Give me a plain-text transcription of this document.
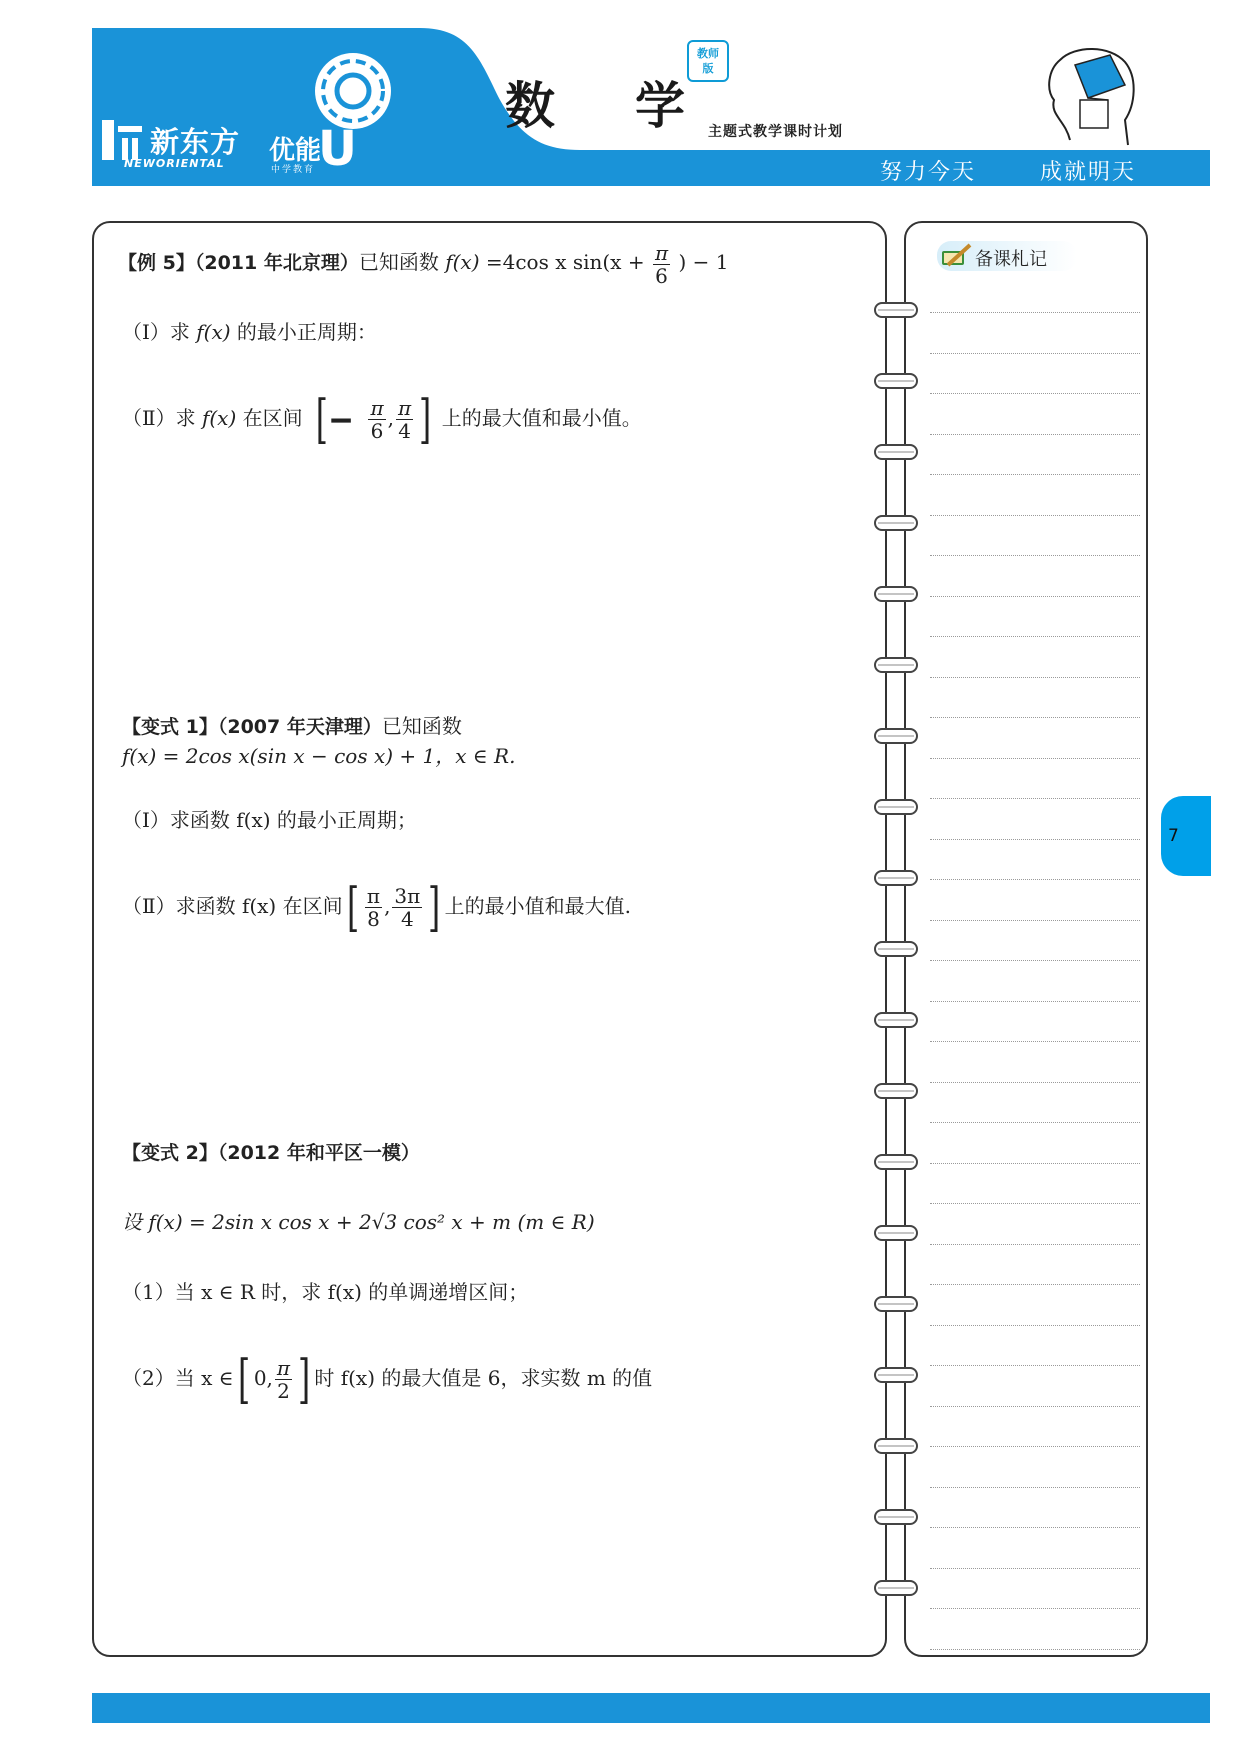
新东方
NEWORIENTAL 优能
中学教育 U
数学
教师
版
主题式教学课时计划
努力今天	成就明天
备课札记
7
【例 5】（2011 年北京理）已知函数 f(x) =4cos x $\sin(x + \frac{\pi}{6}$ ) − 1
（Ⅰ）求 f(x) 的最小正周期：
（Ⅱ）求 f(x) 在区间 [− $\frac{\pi}{6}$ , $\frac{\pi}{4}$ ] 上的最大值和最小值。
【变式 1】（2007 年天津理）已知函数
f(x) = 2cos x(sin x − cos x) + 1，x ∈ R.
（Ⅰ）求函数 f(x) 的最小正周期；
（Ⅱ）求函数 f(x) 在区间[ $\frac{\pi}{8}$ , $\frac{3\pi}{4}$ ] 上的最小值和最大值.
【变式 2】（2012 年和平区一模）
设 f(x) = 2sin x cos x + 2√3 cos² x + m (m ∈ R)
（1）当 x ∈ R 时，求 f(x) 的单调递增区间；
（2）当 x ∈[ 0, $\frac{\pi}{2}$ ] 时 f(x) 的最大值是 6，求实数 m 的值
